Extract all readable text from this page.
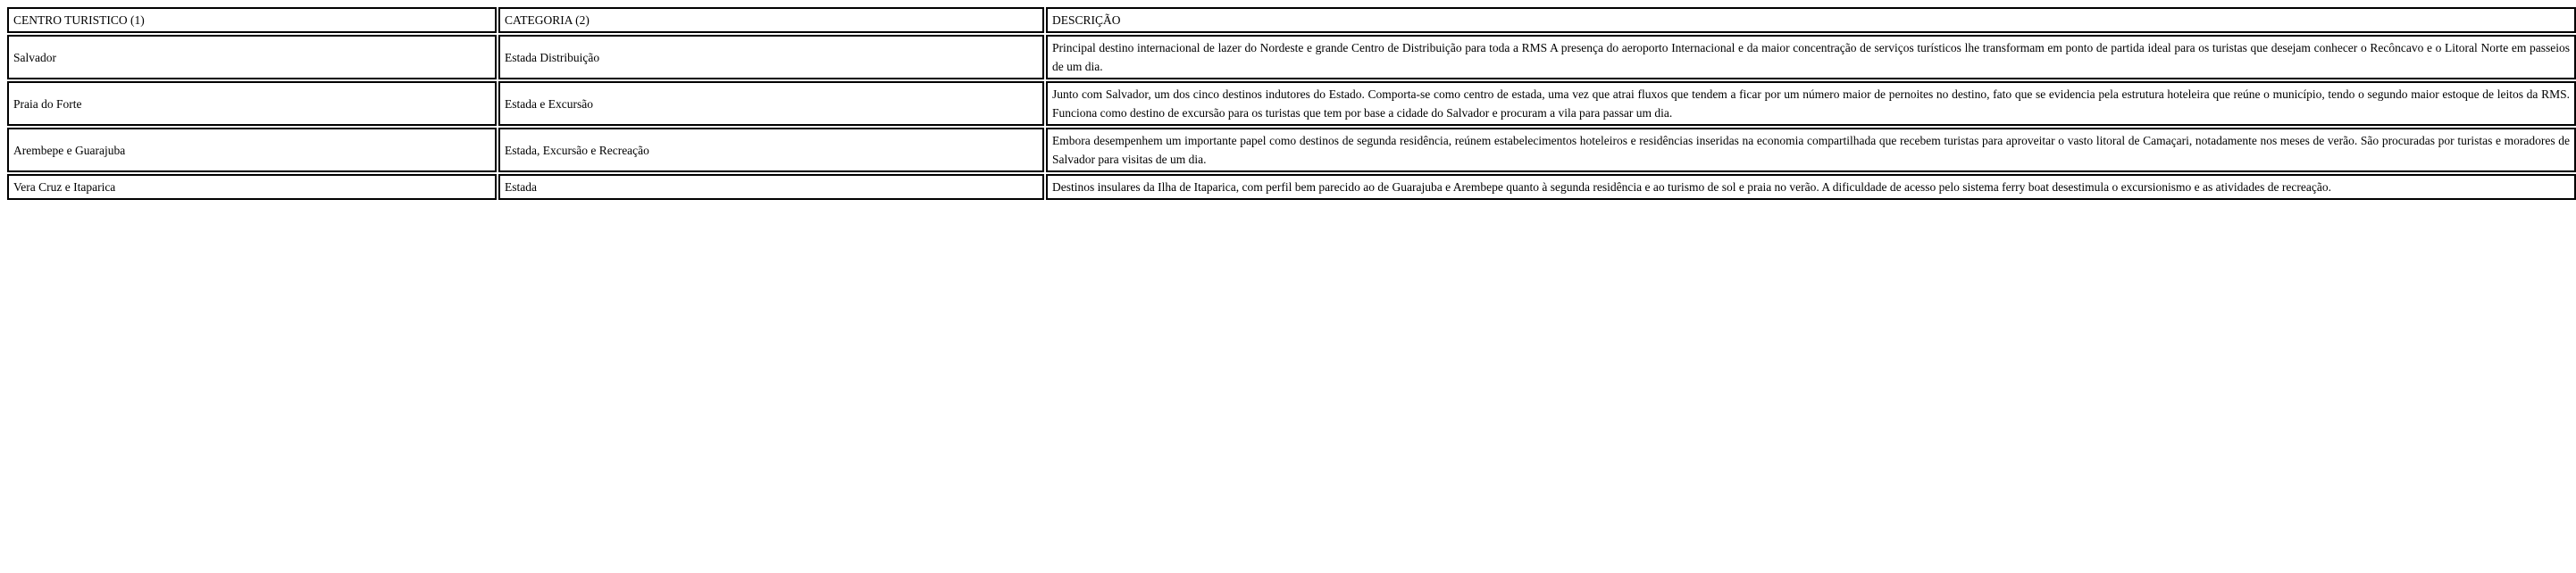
CENTRO TURISTICO (1)	CATEGORIA (2)	DESCRIÇÃO
Salvador	Estada Distribuição	Principal destino internacional de lazer do Nordeste e grande Centro de Distribuição para toda a RMS A presença do aeroporto Internacional e da maior concentração de serviços turísticos lhe transformam em ponto de partida ideal para os turistas que desejam conhecer o Recôncavo e o Litoral Norte em passeios de um dia.
Praia do Forte	Estada e Excursão	Junto com Salvador, um dos cinco destinos indutores do Estado. Comporta-se como centro de estada, uma vez que atrai fluxos que tendem a ficar por um número maior de pernoites no destino, fato que se evidencia pela estrutura hoteleira que reúne o município, tendo o segundo maior estoque de leitos da RMS. Funciona como destino de excursão para os turistas que tem por base a cidade do Salvador e procuram a vila para passar um dia.
Arembepe e Guarajuba	Estada, Excursão e Recreação	Embora desempenhem um importante papel como destinos de segunda residência, reúnem estabelecimentos hoteleiros e residências inseridas na economia compartilhada que recebem turistas para aproveitar o vasto litoral de Camaçari, notadamente nos meses de verão. São procuradas por turistas e moradores de Salvador para visitas de um dia.
Vera Cruz e Itaparica	Estada	Destinos insulares da Ilha de Itaparica, com perfil bem parecido ao de Guarajuba e Arembepe quanto à segunda residência e ao turismo de sol e praia no verão. A dificuldade de acesso pelo sistema ferry boat desestimula o excursionismo e as atividades de recreação.
